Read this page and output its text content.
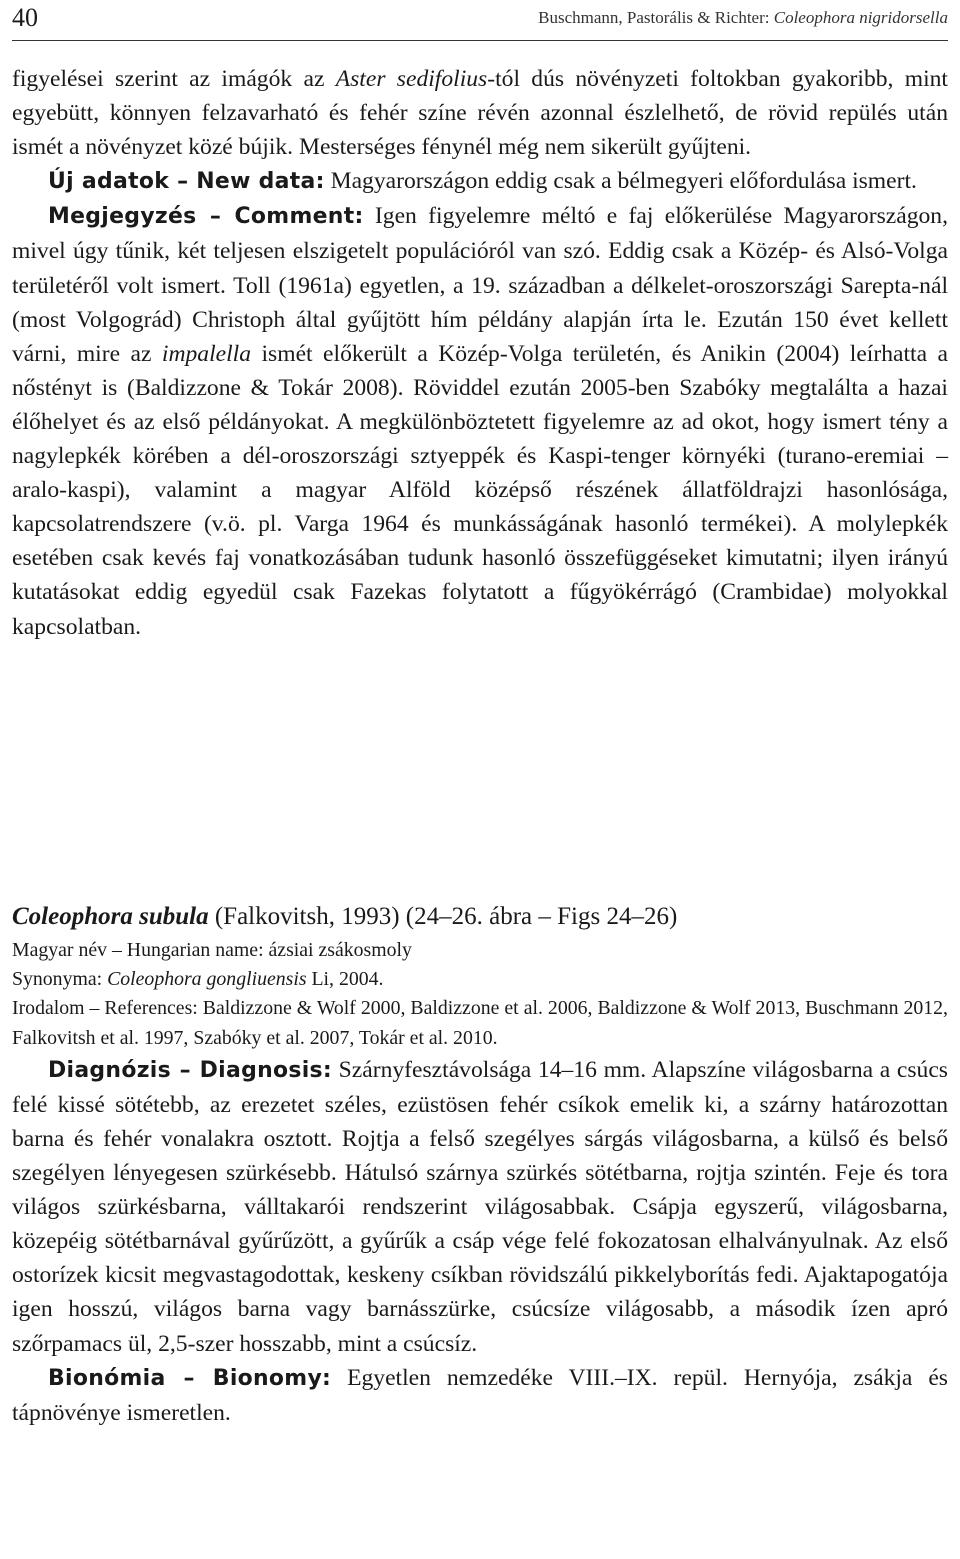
40	Buschmann, Pastorális & Richter: Coleophora nigridorsella

figyelései szerint az imágók az Aster sedifolius-tól dús növényzeti foltokban gyakoribb, mint egyebütt, könnyen felzavarható és fehér színe révén azonnal észlelhető, de rövid repülés után ismét a növényzet közé bújik. Mesterséges fénynél még nem sikerült gyűjteni.

Új adatok – New data: Magyarországon eddig csak a bélmegyeri előfordulása ismert.

Megjegyzés – Comment: Igen figyelemre méltó e faj előkerülése Magyarországon, mivel úgy tűnik, két teljesen elszigetelt populációról van szó. Eddig csak a Közép- és Alsó-Volga területéről volt ismert. Toll (1961a) egyetlen, a 19. században a délkelet-oroszországi Sarepta-nál (most Volgográd) Christoph által gyűjtött hím példány alapján írta le. Ezután 150 évet kellett várni, mire az impalella ismét előkerült a Közép-Volga területén, és Anikin (2004) leírhatta a nőstényt is (Baldizzone & Tokár 2008). Röviddel ezután 2005-ben Szabóky megtalálta a hazai élőhelyet és az első példányokat. A megkülönböztetett figyelemre az ad okot, hogy ismert tény a nagylepkék körében a dél-oroszországi sztyeppék és Kaspi-tenger környéki (turano-eremiai – aralo-kaspi), valamint a magyar Alföld középső részének állatföldrajzi hasonlósága, kapcsolatrendszere (v.ö. pl. Varga 1964 és munkásságának hasonló termékei). A molylepkék esetében csak kevés faj vonatkozásában tudunk hasonló összefüggéseket kimutatni; ilyen irányú kutatásokat eddig egyedül csak Fazekas folytatott a fűgyökérrágó (Crambidae) molyokkal kapcsolatban.

Coleophora subula (Falkovitsh, 1993) (24–26. ábra – Figs 24–26)

Magyar név – Hungarian name: ázsiai zsákosmoly

Synonyma: Coleophora gongliuensis Li, 2004.

Irodalom – References: Baldizzone & Wolf 2000, Baldizzone et al. 2006, Baldizzone & Wolf 2013, Buschmann 2012, Falkovitsh et al. 1997, Szabóky et al. 2007, Tokár et al. 2010.

Diagnózis – Diagnosis: Szárnyfesztávolsága 14–16 mm. Alapszíne világosbarna a csúcs felé kissé sötétebb, az erezetet széles, ezüstösen fehér csíkok emelik ki, a szárny határozottan barna és fehér vonalakra osztott. Rojtja a felső szegélyes sárgás világosbarna, a külső és belső szegélyen lényegesen szürkésebb. Hátulsó szárnya szürkés sötétbarna, rojtja szintén. Feje és tora világos szürkésbarna, válltakarói rendszerint világosabbak. Csápja egyszerű, világosbarna, közepéig sötétbarnával gyűrűzött, a gyűrűk a csáp vége felé fokozatosan elhalványulnak. Az első ostorízek kicsit megvastagodottak, keskeny csíkban rövidszálú pikkelyborítás fedi. Ajaktapogatója igen hosszú, világos barna vagy barnásszürke, csúcsíze világosabb, a második ízen apró szőrpamacs ül, 2,5-szer hosszabb, mint a csúcsíz.

Bionómia – Bionomy: Egyetlen nemzedéke VIII.–IX. repül. Hernyója, zsákja és tápnövénye ismeretlen.
